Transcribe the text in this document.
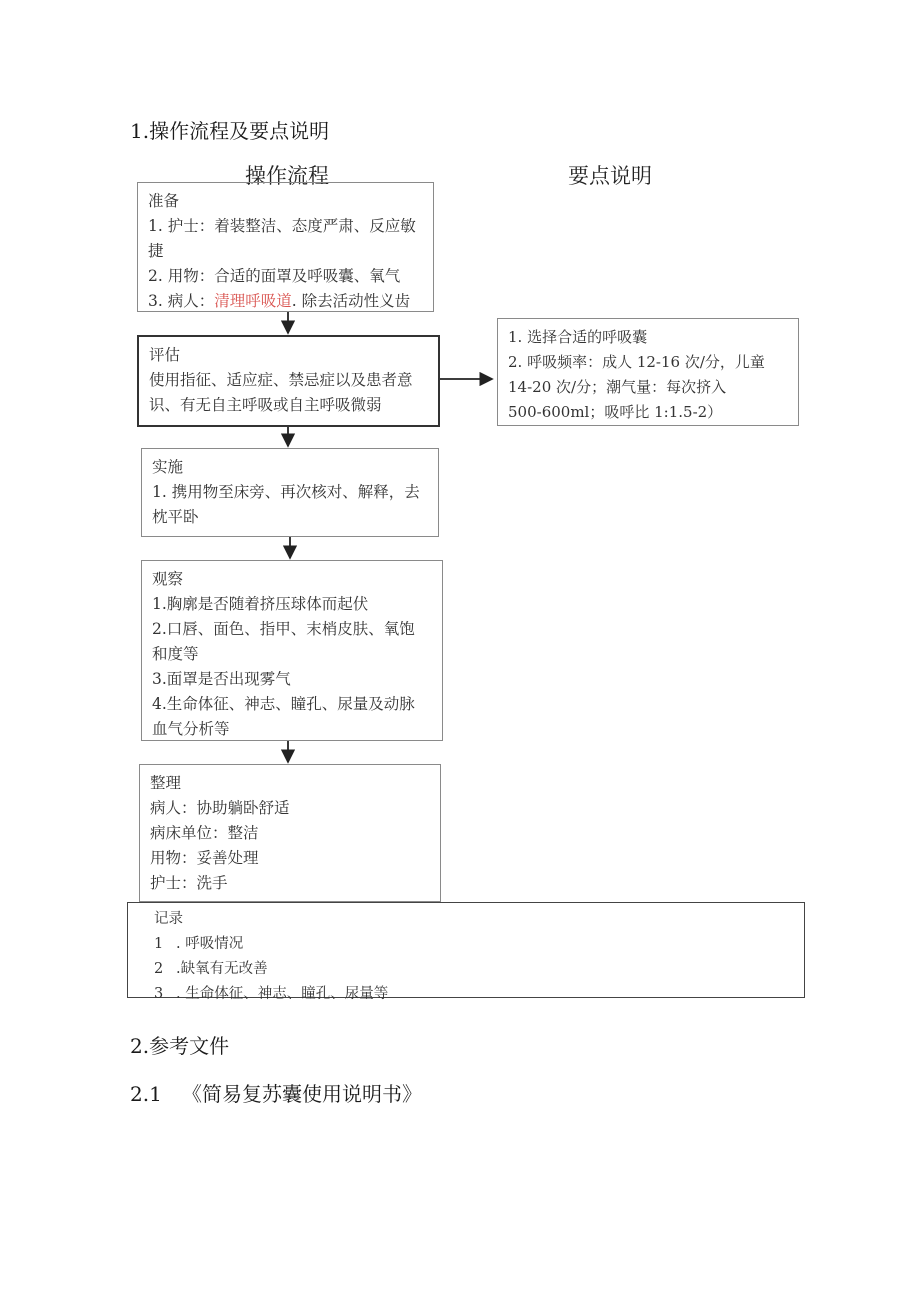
1.操作流程及要点说明
操作流程	要点说明
准备
1. 护士：着装整洁、态度严肃、反应敏
捷
2. 用物：合适的面罩及呼吸囊、氧气
3. 病人：清理呼吸道. 除去活动性义齿
评估
使用指征、适应症、禁忌症以及患者意
识、有无自主呼吸或自主呼吸微弱
1. 选择合适的呼吸囊
2. 呼吸频率：成人 12-16 次/分，儿童
14-20 次/分；潮气量：每次挤入
500-600ml；吸呼比 1:1.5-2）
实施
1. 携用物至床旁、再次核对、解释，去
枕平卧
观察
1.胸廓是否随着挤压球体而起伏
2.口唇、面色、指甲、末梢皮肤、氧饱
和度等
3.面罩是否出现雾气
4.生命体征、神志、瞳孔、尿量及动脉
血气分析等
整理
病人：协助躺卧舒适
病床单位：整洁
用物：妥善处理
护士：洗手
记录
1 . 呼吸情况
2 .缺氧有无改善
3 . 生命体征、神志、瞳孔、尿量等
2.参考文件
2.1 《简易复苏囊使用说明书》
